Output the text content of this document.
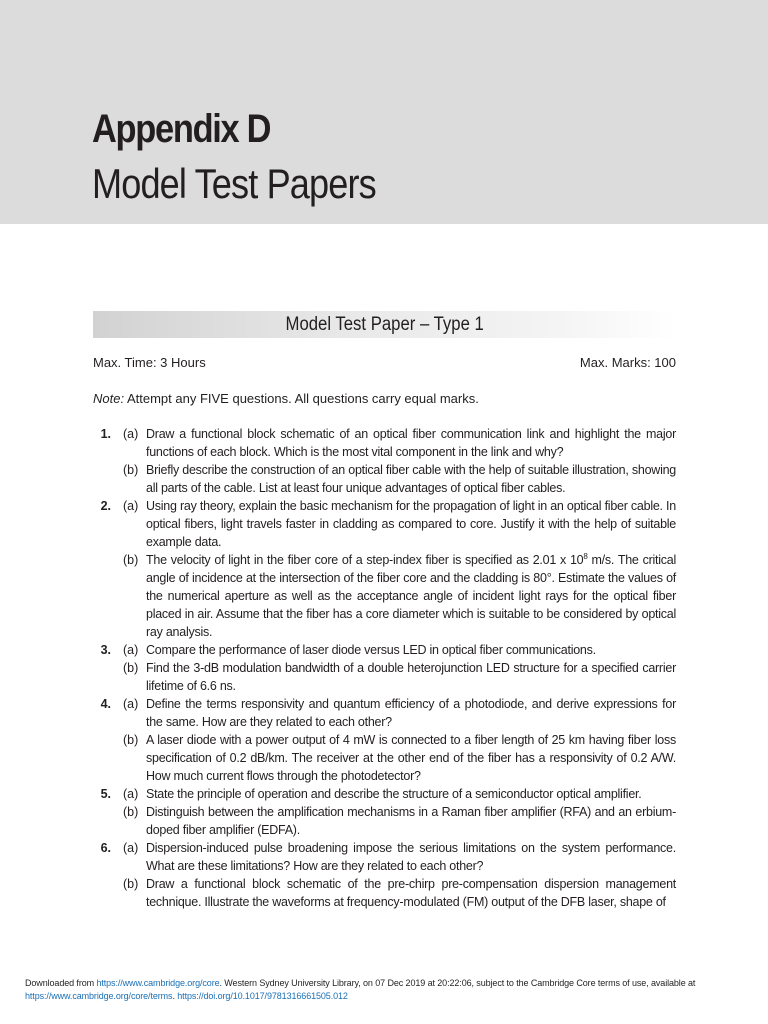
Appendix D
Model Test Papers
Model Test Paper – Type 1
Max. Time: 3 Hours	Max. Marks: 100
Note: Attempt any FIVE questions. All questions carry equal marks.
1. (a) Draw a functional block schematic of an optical fiber communication link and highlight the major functions of each block. Which is the most vital component in the link and why?
(b) Briefly describe the construction of an optical fiber cable with the help of suitable illustration, showing all parts of the cable. List at least four unique advantages of optical fiber cables.
2. (a) Using ray theory, explain the basic mechanism for the propagation of light in an optical fiber cable. In optical fibers, light travels faster in cladding as compared to core. Justify it with the help of suitable example data.
(b) The velocity of light in the fiber core of a step-index fiber is specified as 2.01 x $10^8$ m/s. The critical angle of incidence at the intersection of the fiber core and the cladding is 80°. Estimate the values of the numerical aperture as well as the acceptance angle of incident light rays for the optical fiber placed in air. Assume that the fiber has a core diameter which is suitable to be considered by optical ray analysis.
3. (a) Compare the performance of laser diode versus LED in optical fiber communications.
(b) Find the 3-dB modulation bandwidth of a double heterojunction LED structure for a specified carrier lifetime of 6.6 ns.
4. (a) Define the terms responsivity and quantum efficiency of a photodiode, and derive expressions for the same. How are they related to each other?
(b) A laser diode with a power output of 4 mW is connected to a fiber length of 25 km having fiber loss specification of 0.2 dB/km. The receiver at the other end of the fiber has a responsivity of 0.2 A/W. How much current flows through the photodetector?
5. (a) State the principle of operation and describe the structure of a semiconductor optical amplifier.
(b) Distinguish between the amplification mechanisms in a Raman fiber amplifier (RFA) and an erbium-doped fiber amplifier (EDFA).
6. (a) Dispersion-induced pulse broadening impose the serious limitations on the system performance. What are these limitations? How are they related to each other?
(b) Draw a functional block schematic of the pre-chirp pre-compensation dispersion management technique. Illustrate the waveforms at frequency-modulated (FM) output of the DFB laser, shape of
Downloaded from https://www.cambridge.org/core. Western Sydney University Library, on 07 Dec 2019 at 20:22:06, subject to the Cambridge Core terms of use, available at
https://www.cambridge.org/core/terms. https://doi.org/10.1017/9781316661505.012
